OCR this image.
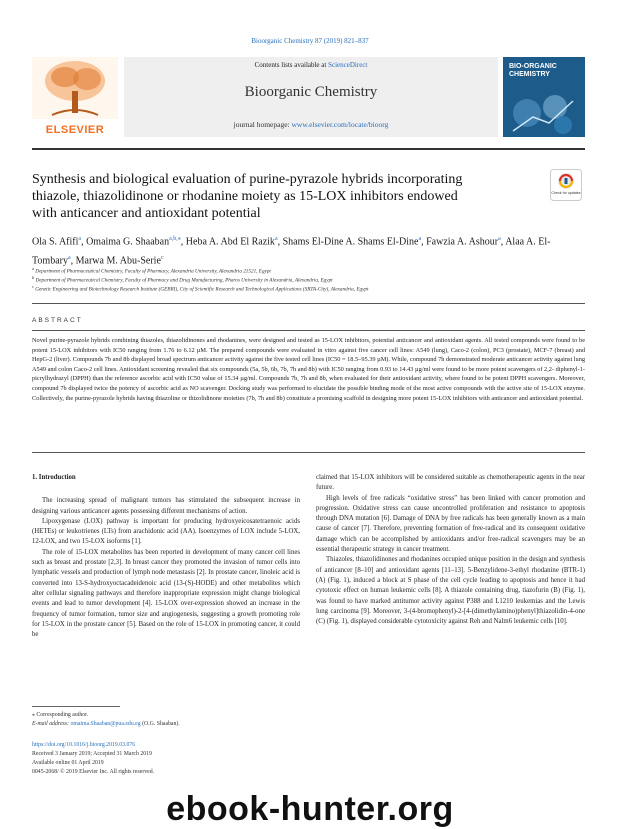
Bioorganic Chemistry 87 (2019) 821–837
ELSEVIER
Contents lists available at ScienceDirect
Bioorganic Chemistry
journal homepage: www.elsevier.com/locate/bioorg
BIO-ORGANIC CHEMISTRY
Synthesis and biological evaluation of purine-pyrazole hybrids incorporating thiazole, thiazolidinone or rhodanine moiety as 15-LOX inhibitors endowed with anticancer and antioxidant potential
Check for updates
Ola S. Afifi$^a$, Omaima G. Shaaban$^{a,b,⁎}$, Heba A. Abd El Razik$^a$, Shams El-Dine A. Shams El-Dine$^a$, Fawzia A. Ashour$^a$, Alaa A. El-Tombary$^a$, Marwa M. Abu-Serie$^c$
$^a$ Department of Pharmaceutical Chemistry, Faculty of Pharmacy, Alexandria University, Alexandria 21521, Egypt
$^b$ Department of Pharmaceutical Chemistry, Faculty of Pharmacy and Drug Manufacturing, Pharos University in Alexandria, Alexandria, Egypt
$^c$ Genetic Engineering and Biotechnology Research Institute (GEBRI), City of Scientific Research and Technological Applications (SRTA-City), Alexandria, Egypt
ABSTRACT
Novel purine-pyrazole hybrids combining thiazoles, thiazolidinones and rhodanines, were designed and tested as 15-LOX inhibitors, potential anticancer and antioxidant agents. All tested compounds were found to be potent 15-LOX inhibitors with IC50 ranging from 1.76 to 6.12 µM. The prepared compounds were evaluated in vitro against five cancer cell lines: A549 (lung), Caco-2 (colon), PC3 (prostate), MCF-7 (breast) and HepG-2 (liver). Compounds 7b and 8b displayed broad spectrum anticancer activity against the five tested cell lines (IC50 = 18.5–95.39 µM). While, compound 7h demonstrated moderate anticancer activity against lung A549 and colon Caco-2 cell lines. Antioxidant screening revealed that six compounds (5a, 5b, 6b, 7b, 7h and 8b) with IC50 ranging from 0.93 to 14.43 µg/ml were found to be more potent scavengers of 2,2- diphenyl-1-picrylhydrazyl (DPPH) than the reference ascorbic acid with IC50 value of 15.34 µg/ml. Compounds 7b, 7h and 8b, when evaluated for their antioxidant activity, where found to be potent DPPH scavengers. Moreover, compound 7b displayed twice the potency of ascorbic acid as NO scavenger. Docking study was performed to elucidate the possible binding mode of the most active compounds with the active site of 15-LOX enzyme. Collectively, the purine-pyrazole hybrids having thiazoline or thizolidinone moieties (7b, 7h and 8b) constitute a promising scaffold in designing more potent 15-LOX inhibitors with anticancer and antioxidant potential.

1. Introduction

The increasing spread of malignant tumors has stimulated the subsequent increase in designing various anticancer agents possessing different mechanisms of action.

Lipoxygenase (LOX) pathway is important for producing hydroxyeicosatetraenoic acids (HETEs) or leukotrienes (LTs) from arachidonic acid (AA). Isoenzymes of LOX include 5-LOX, 12-LOX, and two 15-LOX isoforms [1].

The role of 15-LOX metabolites has been reported in development of many cancer cell lines such as breast and prostate [2,3]. In breast cancer they promoted the invasion of tumor cells into lymphatic vessels and production of lymph node metastasis [2]. In prostate cancer, linoleic acid is converted into 13-S-hydroxyoctacadeidenoic acid (13-(S)-HODE) and other metabolites which alter cellular signaling pathways and therefore inappropriate expression might change biological events and lead to tumor development [4]. 15-LOX over-expression showed an increase in the frequency of tumor formation, tumor size and angiogenesis, suggesting a growth promoting role for 15-LOX in the prostate cancer [5]. Based on the role of 15-LOX in promoting cancer, it could be

claimed that 15-LOX inhibitors will be considered suitable as chemotherapeutic agents in the near future.

High levels of free radicals “oxidative stress” has been linked with cancer promotion and progression. Oxidative stress can cause uncontrolled proliferation and resistance to apoptosis through DNA mutation [6]. Damage of DNA by free radicals has been generally known as a main cause of cancer [7]. Therefore, preventing formation of free-radical and its consequent oxidative damage which can be accomplished by antioxidants and/or free-radical scavengers may be an essential therapeutic strategy in cancer treatment.

Thiazoles, thiazolidinones and rhodanines occupied unique position in the design and synthesis of anticancer [8–10] and antioxidant agents [11–13]. 5-Benzylidene-3-ethyl rhodanine (BTR-1) (A) (Fig. 1), induced a block at S phase of the cell cycle leading to apoptosis and hence it had cytotoxic effect on human leukemic cells [8]. A thiazole containing drug, tiazofurin (B) (Fig. 1), was found to have marked antitumor activity against P388 and L1210 leukemias and the Lewis lung carcinoma [9]. Moreover, 3-(4-bromophenyl)-2-[4-(dimethylamino)phenyl]thiazolidin-4-one (C) (Fig. 1), displayed considerable cytotoxicity against Reh and Nalm6 leukemic cells [10].

⁎ Corresponding author.
E-mail address: omaima.Shaaban@pua.edu.eg (O.G. Shaaban).
https://doi.org/10.1016/j.bioorg.2019.03.076
Received 3 January 2019; Accepted 31 March 2019
Available online 01 April 2019
0045-2068/ © 2019 Elsevier Inc. All rights reserved.
ebook-hunter.org
